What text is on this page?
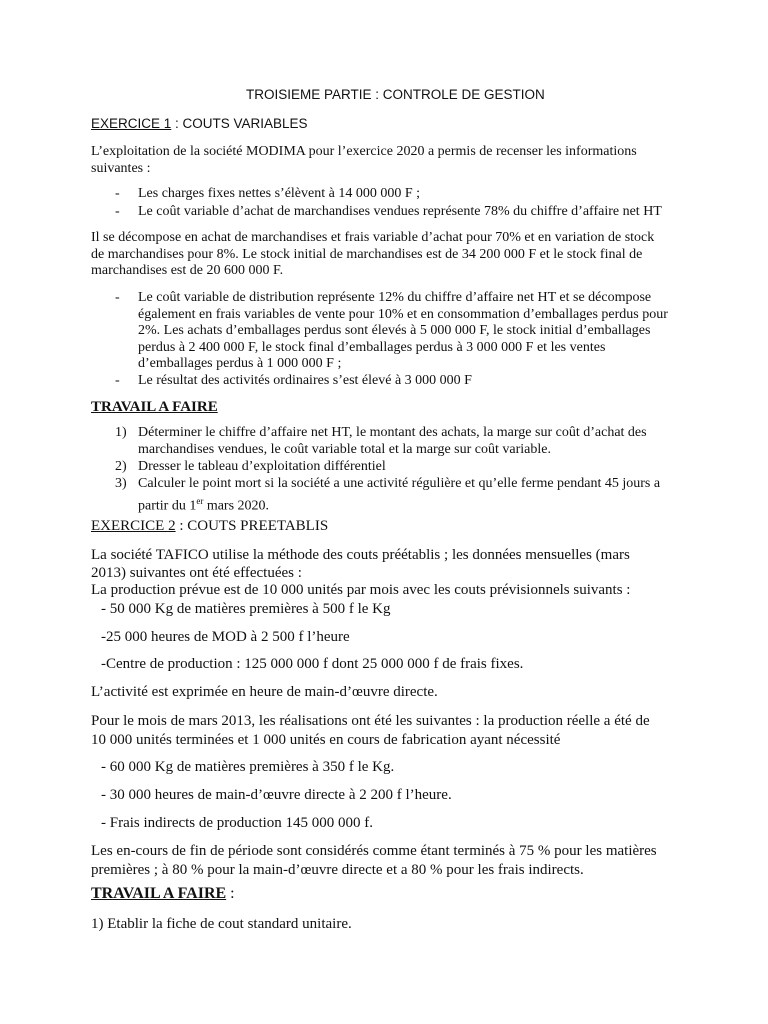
TROISIEME PARTIE : CONTROLE DE GESTION
EXERCICE 1 : COUTS VARIABLES

L’exploitation de la société MODIMA pour l’exercice 2020 a permis de recenser les informations
suivantes :

- Les charges fixes nettes s’élèvent à 14 000 000 F ;
- Le coût variable d’achat de marchandises vendues représente 78% du chiffre d’affaire net HT

Il se décompose en achat de marchandises et frais variable d’achat pour 70% et en variation de stock
de marchandises pour 8%. Le stock initial de marchandises est de 34 200 000 F et le stock final de
marchandises est de 20 600 000 F.

- Le coût variable de distribution représente 12% du chiffre d’affaire net HT et se décompose
également en frais variables de vente pour 10% et en consommation d’emballages perdus pour
2%. Les achats d’emballages perdus sont élevés à 5 000 000 F, le stock initial d’emballages
perdus à 2 400 000 F, le stock final d’emballages perdus à 3 000 000 F et les ventes
d’emballages perdus à 1 000 000 F ;

- Le résultat des activités ordinaires s’est élevé à 3 000 000 F
TRAVAIL A FAIRE
1) Déterminer le chiffre d’affaire net HT, le montant des achats, la marge sur coût d’achat des
marchandises vendues, le coût variable total et la marge sur coût variable.

2) Dresser le tableau d’exploitation différentiel
3) Calculer le point mort si la société a une activité régulière et qu’elle ferme pendant 45 jours a
partir du 1er mars 2020.

EXERCICE 2 : COUTS PREETABLIS

La société TAFICO utilise la méthode des couts préétablis ; les données mensuelles (mars
2013) suivantes ont été effectuées :
La production prévue est de 10 000 unités par mois avec les couts prévisionnels suivants :

- 50 000 Kg de matières premières à 500 f le Kg
-25 000 heures de MOD à 2 500 f l’heure
-Centre de production : 125 000 000 f dont 25 000 000 f de frais fixes.
L’activité est exprimée en heure de main-d’œuvre directe.

Pour le mois de mars 2013, les réalisations ont été les suivantes : la production réelle a été de
10 000 unités terminées et 1 000 unités en cours de fabrication ayant nécessité

- 60 000 Kg de matières premières à 350 f le Kg.
- 30 000 heures de main-d’œuvre directe à 2 200 f l’heure.
- Frais indirects de production 145 000 000 f.

Les en-cours de fin de période sont considérés comme étant terminés à 75 % pour les matières
premières ; à 80 % pour la main-d’œuvre directe et a 80 % pour les frais indirects.

TRAVAIL A FAIRE :
1) Etablir la fiche de cout standard unitaire.
